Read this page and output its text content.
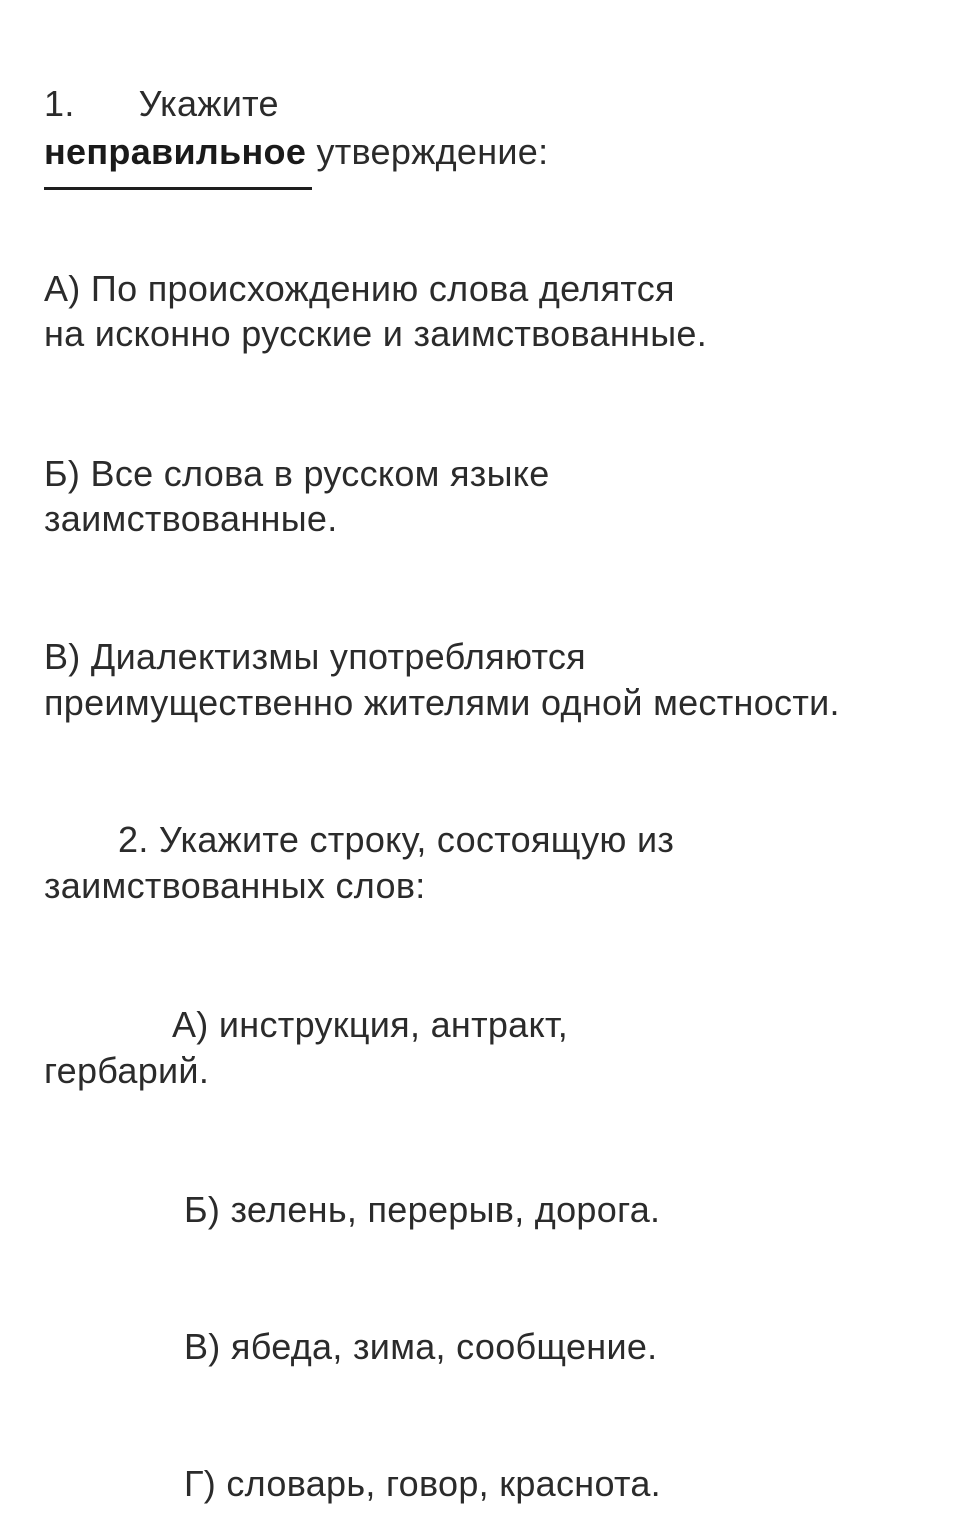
1. Укажите
неправильное утверждение:
А) По происхождению слова делятся
на исконно русские и заимствованные.
Б) Все слова в русском языке
заимствованные.
В) Диалектизмы употребляются
преимущественно жителями одной местности.
2. Укажите строку, состоящую из
заимствованных слов:
А) инструкция, антракт,
гербарий.
Б) зелень, перерыв, дорога.
В) ябеда, зима, сообщение.
Г) словарь, говор, краснота.
